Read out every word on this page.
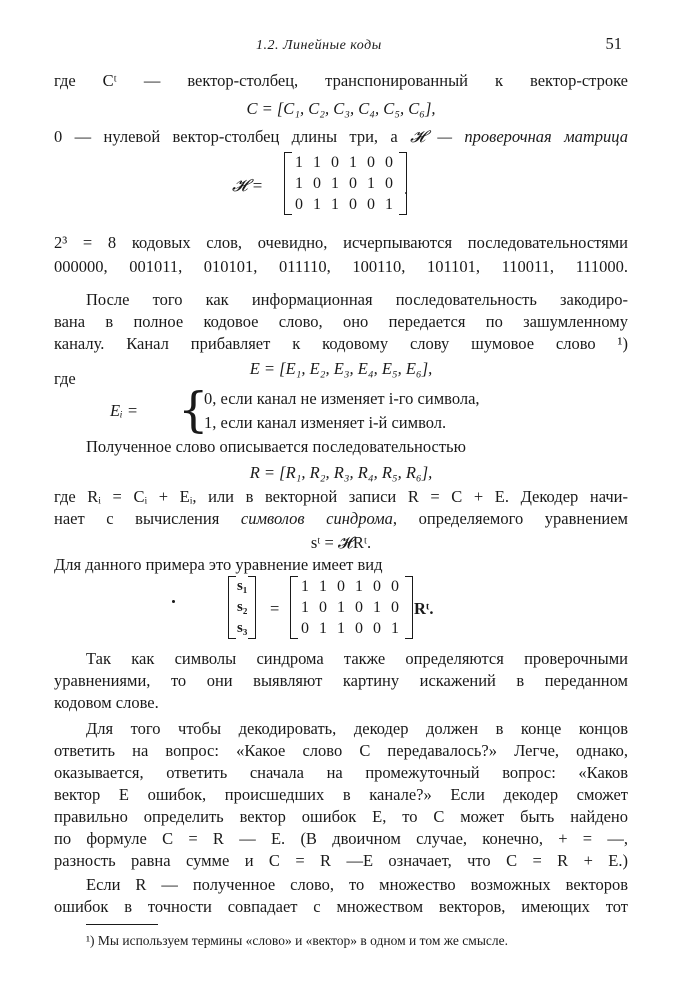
1.2. Линейные коды	51
где Cᵗ — вектор-столбец, транспонированный к вектор-строке
C = [C₁, C₂, C₃, C₄, C₅, C₆],
0 — нулевой вектор-столбец длины три, а 𝓗 — проверочная матрица
𝓗 =
1 1 0 1 0 0
1 0 1 0 1 0
0 1 1 0 0 1
.
2³ = 8 кодовых слов, очевидно, исчерпываются последовательностями
000000, 001011, 010101, 011110, 100110, 101101, 110011, 111000.
После того как информационная последовательность закодиро-
вана в полное кодовое слово, оно передается по зашумленному
каналу. Канал прибавляет к кодовому слову шумовое слово ¹)
E = [E₁, E₂, E₃, E₄, E₅, E₆],
где
Eᵢ = {
0, если канал не изменяет i-го символа,
1, если канал изменяет i-й символ.
Полученное слово описывается последовательностью
R = [R₁, R₂, R₃, R₄, R₅, R₆],
где Rᵢ = Cᵢ + Eᵢ, или в векторной записи R = C + E. Декодер начи-
нает с вычисления символов синдрома, определяемого уравнением
sᵗ = 𝓗Rᵗ.
Для данного примера это уравнение имеет вид
s₁
s₂
s₃
=
1 1 0 1 0 0
1 0 1 0 1 0
0 1 1 0 0 1
Rᵗ.
Так как символы синдрома также определяются проверочными
уравнениями, то они выявляют картину искажений в переданном
кодовом слове.
Для того чтобы декодировать, декодер должен в конце концов
ответить на вопрос: «Какое слово C передавалось?» Легче, однако,
оказывается, ответить сначала на промежуточный вопрос: «Каков
вектор E ошибок, происшедших в канале?» Если декодер сможет
правильно определить вектор ошибок E, то C может быть найдено
по формуле C = R — E. (В двоичном случае, конечно, + = —,
разность равна сумме и C = R —E означает, что C = R + E.)
Если R — полученное слово, то множество возможных векторов
ошибок в точности совпадает с множеством векторов, имеющих тот
¹) Мы используем термины «слово» и «вектор» в одном и том же смысле.
